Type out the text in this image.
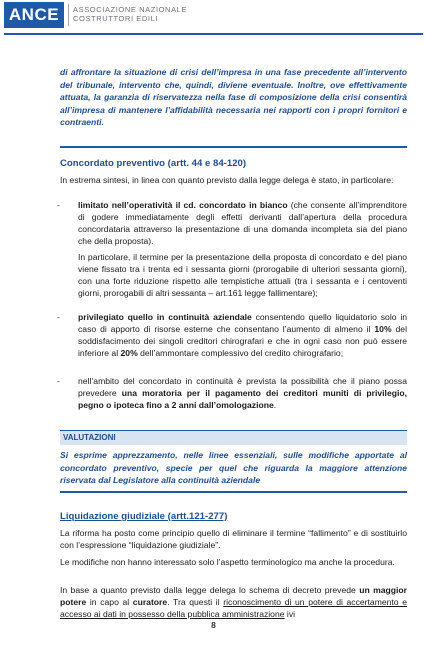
ANCE ASSOCIAZIONE NAZIONALE
COSTRUTTORI EDILI
di affrontare la situazione di crisi dell’impresa in una fase precedente all’intervento del tribunale, intervento che, quindi, diviene eventuale. Inoltre, ove effettivamente attuata, la garanzia di riservatezza nella fase di composizione della crisi consentirà all’impresa di mantenere l’affidabilità necessaria nei rapporti con i propri fornitori e contraenti.
Concordato preventivo (artt. 44 e 84-120)

In estrema sintesi, in linea con quanto previsto dalla legge delega è stato, in particolare:

- limitato nell’operatività il cd. concordato in bianco (che consente all’imprenditore di godere immediatamente degli effetti derivanti dall’apertura della procedura concordataria attraverso la presentazione di una domanda incompleta sia del piano che della proposta).

In particolare, il termine per la presentazione della proposta di concordato e del piano viene fissato tra i trenta ed i sessanta giorni (prorogabile di ulteriori sessanta giorni), con una forte riduzione rispetto alle tempistiche attuali (tra i sessanta e i centoventi giorni, prorogabili di altri sessanta – art.161 legge fallimentare);

- privilegiato quello in continuità aziendale consentendo quello liquidatorio solo in caso di apporto di risorse esterne che consentano l’aumento di almeno il 10% del soddisfacimento dei singoli creditori chirografari e che in ogni caso non può essere inferiore al 20% dell’ammontare complessivo del credito chirografario;

- nell’ambito del concordato in continuità è prevista la possibilità che il piano possa prevedere una moratoria per il pagamento dei creditori muniti di privilegio, pegno o ipoteca fino a 2 anni dall’omologazione.

VALUTAZIONI
Si esprime apprezzamento, nelle linee essenziali, sulle modifiche apportate al concordato preventivo, specie per quel che riguarda la maggiore attenzione riservata dal Legislatore alla continuità aziendale
Liquidazione giudiziale (artt.121-277)

La riforma ha posto come principio quello di eliminare il termine “fallimento” e di sostituirlo con l’espressione “liquidazione giudiziale”.

Le modifiche non hanno interessato solo l’aspetto terminologico ma anche la procedura.

In base a quanto previsto dalla legge delega lo schema di decreto prevede un maggior potere in capo al curatore. Tra questi il riconoscimento di un potere di accertamento e accesso ai dati in possesso della pubblica amministrazione ivi

8
